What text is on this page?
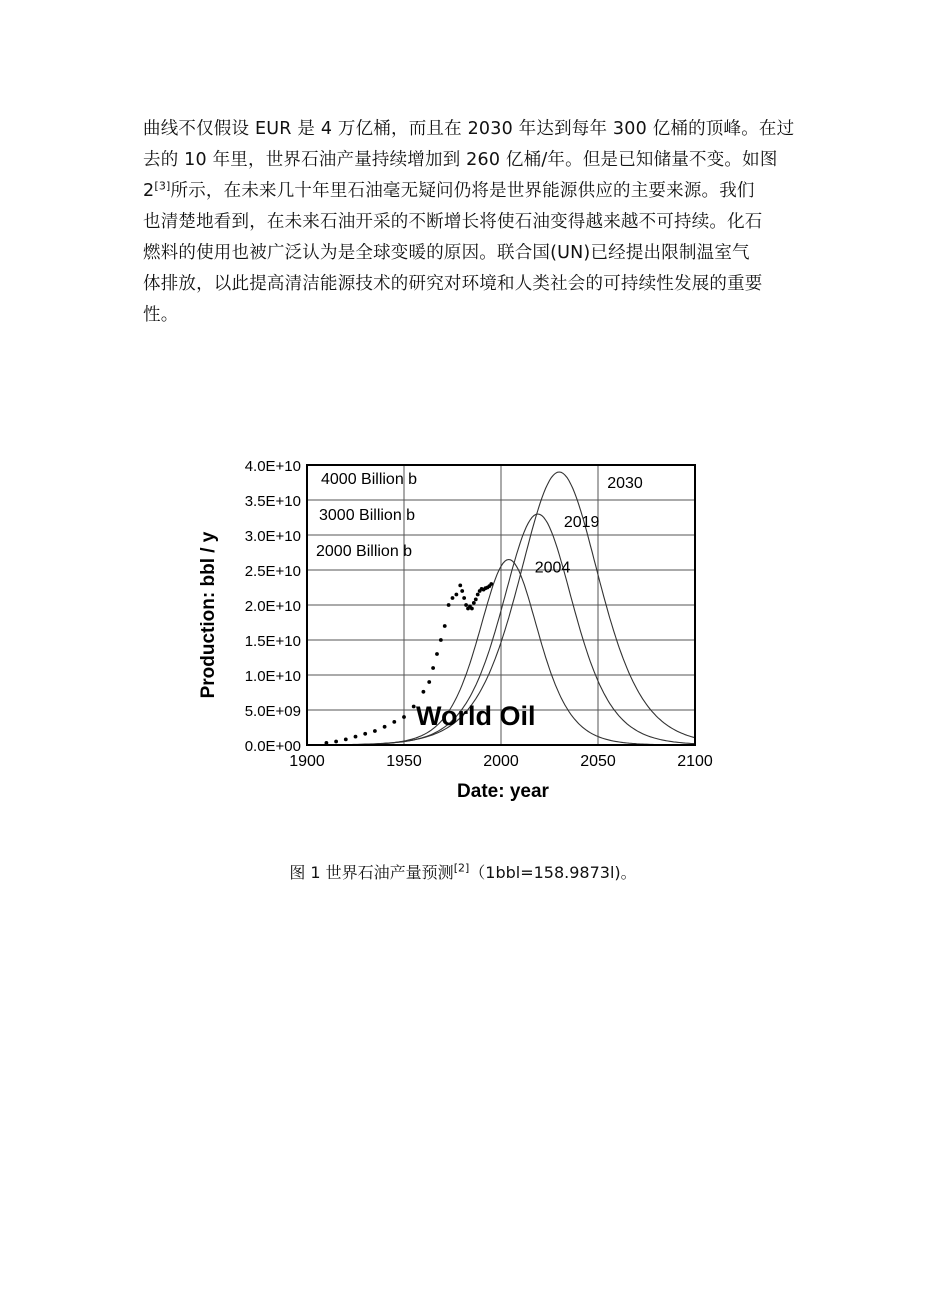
曲线不仅假设 EUR 是 4 万亿桶，而且在 2030 年达到每年 300 亿桶的顶峰。在过
去的 10 年里，世界石油产量持续增加到 260 亿桶/年。但是已知储量不变。如图
2[3]所示，在未来几十年里石油毫无疑问仍将是世界能源供应的主要来源。我们
也清楚地看到，在未来石油开采的不断增长将使石油变得越来越不可持续。化石
燃料的使用也被广泛认为是全球变暖的原因。联合国(UN)已经提出限制温室气
体排放，以此提高清洁能源技术的研究对环境和人类社会的可持续性发展的重要
性。
1900	1950	2000	2050	2100
0.0E+00
5.0E+09
1.0E+10
1.5E+10
2.0E+10
2.5E+10
3.0E+10
3.5E+10
4.0E+10
2030
2019
2004
4000 Billion b
3000 Billion b
2000 Billion b
World Oil
Date: year
Production: bbl / y
图 1 世界石油产量预测[2]（1bbl=158.9873l)。
